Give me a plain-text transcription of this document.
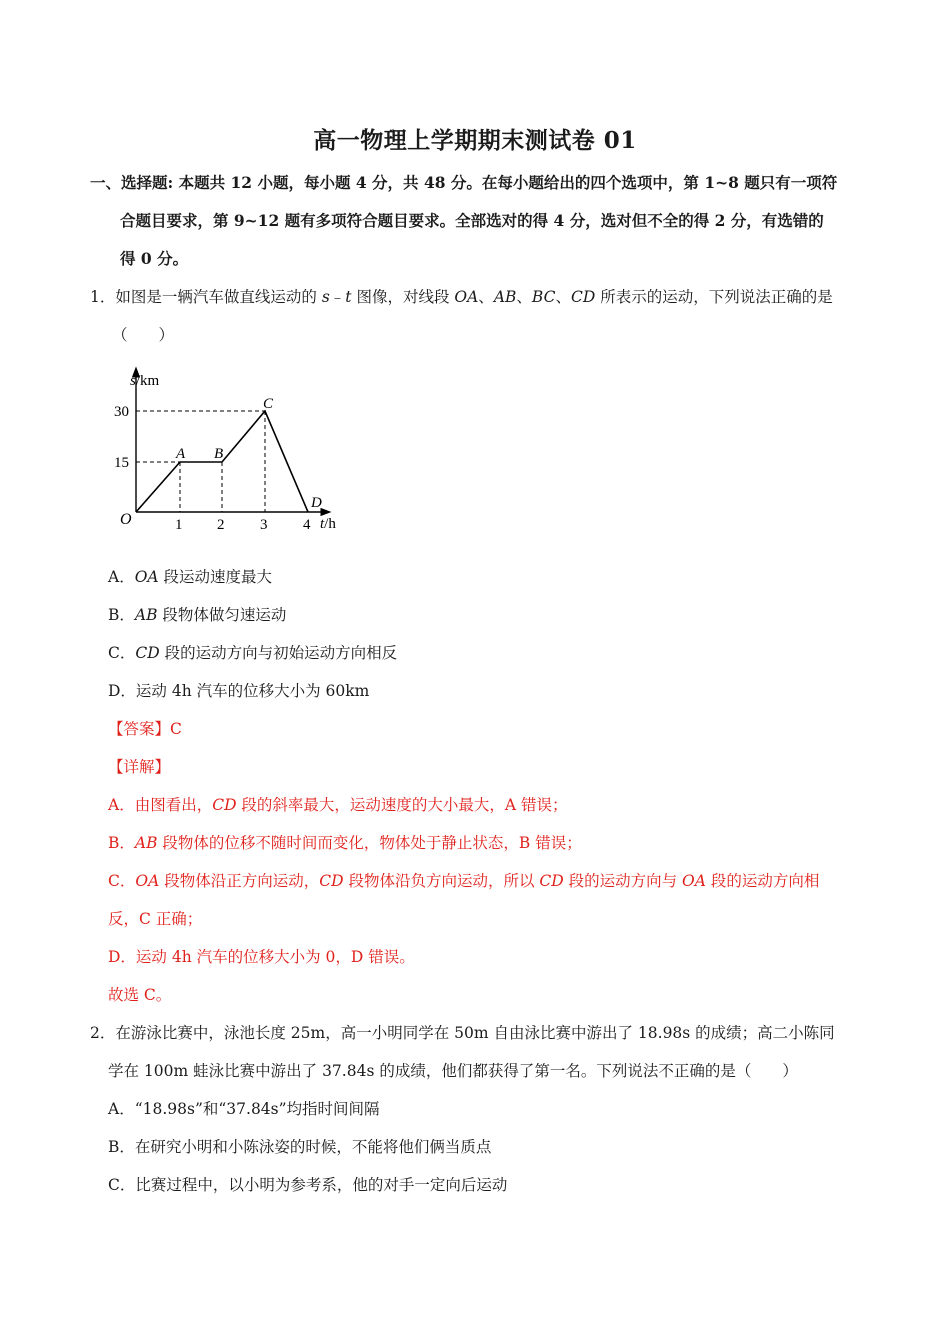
高一物理上学期期末测试卷 01
一、选择题: 本题共 12 小题，每小题 4 分，共 48 分。在每小题给出的四个选项中，第 1~8 题只有一项符
合题目要求，第 9~12 题有多项符合题目要求。全部选对的得 4 分，选对但不全的得 2 分，有选错的
得 0 分。
1．如图是一辆汽车做直线运动的 s﹣t 图像，对线段 OA、AB、BC、CD 所表示的运动，下列说法正确的是
（　　）
s/km
t/h
30
15
1 2 3 4
O
A B
C
D
A．OA 段运动速度最大
B．AB 段物体做匀速运动
C．CD 段的运动方向与初始运动方向相反
D．运动 4h 汽车的位移大小为 60km
【答案】C
【详解】
A．由图看出，CD 段的斜率最大，运动速度的大小最大，A 错误；
B．AB 段物体的位移不随时间而变化，物体处于静止状态，B 错误；
C．OA 段物体沿正方向运动，CD 段物体沿负方向运动，所以 CD 段的运动方向与 OA 段的运动方向相
反，C 正确；
D．运动 4h 汽车的位移大小为 0，D 错误。
故选 C。
2．在游泳比赛中，泳池长度 25m，高一小明同学在 50m 自由泳比赛中游出了 18.98s 的成绩；高二小陈同
学在 100m 蛙泳比赛中游出了 37.84s 的成绩，他们都获得了第一名。下列说法不正确的是（　　）
A．“18.98s”和“37.84s”均指时间间隔
B．在研究小明和小陈泳姿的时候，不能将他们俩当质点
C．比赛过程中，以小明为参考系，他的对手一定向后运动
